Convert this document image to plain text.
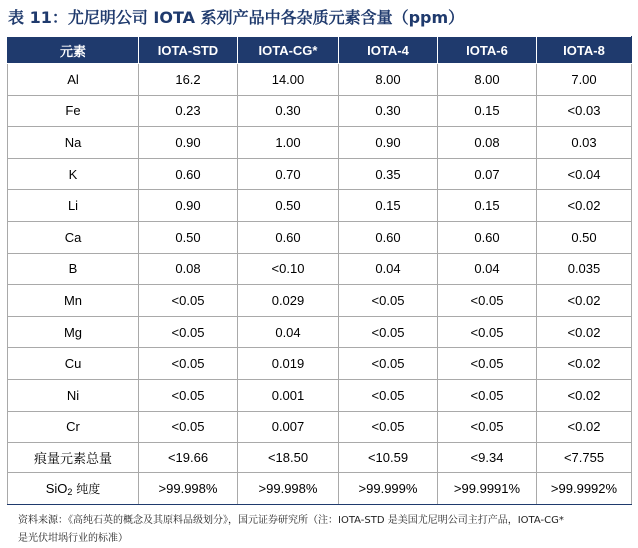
表 11：尤尼明公司 IOTA 系列产品中各杂质元素含量（ppm）
元素	IOTA-STD	IOTA-CG*	IOTA-4	IOTA-6	IOTA-8
Al	16.2	14.00	8.00	8.00	7.00
Fe	0.23	0.30	0.30	0.15	<0.03
Na	0.90	1.00	0.90	0.08	0.03
K	0.60	0.70	0.35	0.07	<0.04
Li	0.90	0.50	0.15	0.15	<0.02
Ca	0.50	0.60	0.60	0.60	0.50
B	0.08	<0.10	0.04	0.04	0.035
Mn	<0.05	0.029	<0.05	<0.05	<0.02
Mg	<0.05	0.04	<0.05	<0.05	<0.02
Cu	<0.05	0.019	<0.05	<0.05	<0.02
Ni	<0.05	0.001	<0.05	<0.05	<0.02
Cr	<0.05	0.007	<0.05	<0.05	<0.02
痕量元素总量	<19.66	<18.50	<10.59	<9.34	<7.755
SiO$_2$ 纯度	>99.998%	>99.998%	>99.999%	>99.9991%	>99.9992%
资料来源：《高纯石英的概念及其原料品级划分》，国元证券研究所（注：IOTA-STD 是美国尤尼明公司主打产品，IOTA-CG*
是光伏坩埚行业的标准）
